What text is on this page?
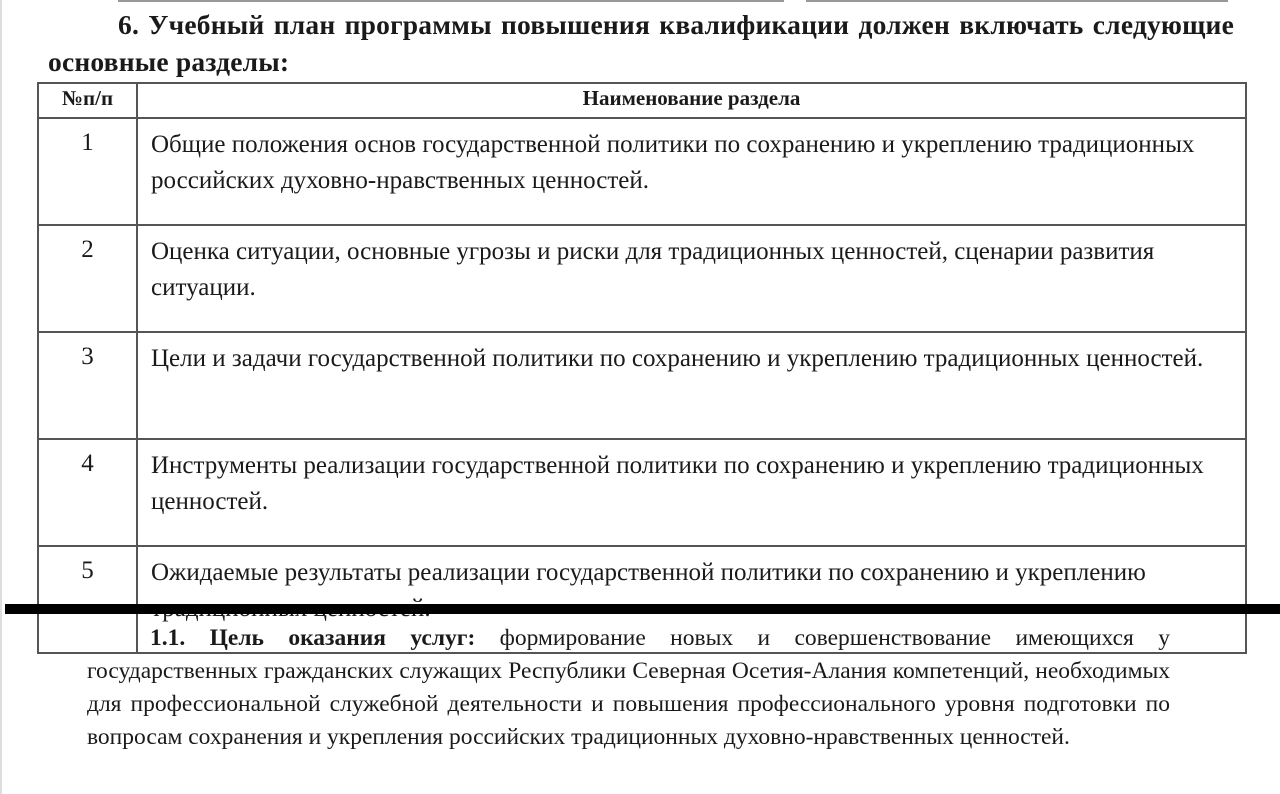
6. Учебный план программы повышения квалификации должен включать следующие основные разделы:
№п/п	Наименование раздела
1	Общие положения основ государственной политики по сохранению и укреплению традиционных российских духовно-нравственных ценностей.
2	Оценка ситуации, основные угрозы и риски для традиционных ценностей, сценарии развития ситуации.
3	Цели и задачи государственной политики по сохранению и укреплению традиционных ценностей.
4	Инструменты реализации государственной политики по сохранению и укреплению традиционных ценностей.
5	Ожидаемые результаты реализации государственной политики по сохранению и укреплению
1.1. Цель оказания услуг: формирование новых и совершенствование имеющихся у государственных гражданских служащих Республики Северная Осетия-Алания компетенций, необходимых для профессиональной служебной деятельности и повышения профессионального уровня подготовки по вопросам сохранения и укрепления российских традиционных духовно-нравственных ценностей.
